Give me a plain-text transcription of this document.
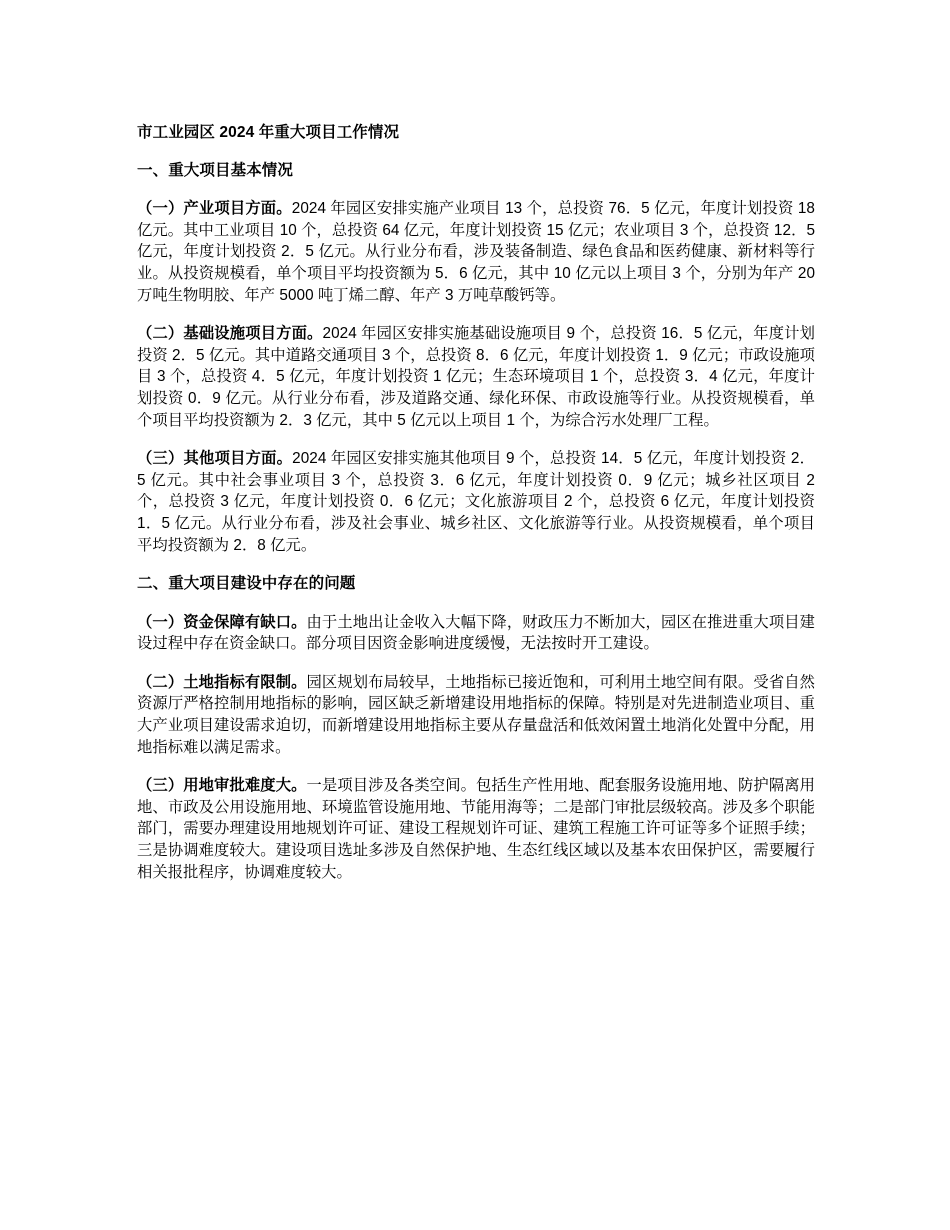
市工业园区 2024 年重大项目工作情况
一、重大项目基本情况

（一）产业项目方面。2024 年园区安排实施产业项目 13 个，总投资 76．5 亿元，年度计划投资 18 亿元。其中工业项目 10 个，总投资 64 亿元，年度计划投资 15 亿元；农业项目 3 个，总投资 12．5 亿元，年度计划投资 2．5 亿元。从行业分布看，涉及装备制造、绿色食品和医药健康、新材料等行业。从投资规模看，单个项目平均投资额为 5．6 亿元，其中 10 亿元以上项目 3 个，分别为年产 20 万吨生物明胶、年产 5000 吨丁烯二醇、年产 3 万吨草酸钙等。

（二）基础设施项目方面。2024 年园区安排实施基础设施项目 9 个，总投资 16．5 亿元，年度计划投资 2．5 亿元。其中道路交通项目 3 个，总投资 8．6 亿元，年度计划投资 1．9 亿元；市政设施项目 3 个，总投资 4．5 亿元，年度计划投资 1 亿元；生态环境项目 1 个，总投资 3．4 亿元，年度计划投资 0．9 亿元。从行业分布看，涉及道路交通、绿化环保、市政设施等行业。从投资规模看，单个项目平均投资额为 2．3 亿元，其中 5 亿元以上项目 1 个，为综合污水处理厂工程。

（三）其他项目方面。2024 年园区安排实施其他项目 9 个，总投资 14．5 亿元，年度计划投资 2．5 亿元。其中社会事业项目 3 个，总投资 3．6 亿元，年度计划投资 0．9 亿元；城乡社区项目 2 个，总投资 3 亿元，年度计划投资 0．6 亿元；文化旅游项目 2 个，总投资 6 亿元，年度计划投资 1．5 亿元。从行业分布看，涉及社会事业、城乡社区、文化旅游等行业。从投资规模看，单个项目平均投资额为 2．8 亿元。

二、重大项目建设中存在的问题

（一）资金保障有缺口。由于土地出让金收入大幅下降，财政压力不断加大，园区在推进重大项目建设过程中存在资金缺口。部分项目因资金影响进度缓慢，无法按时开工建设。

（二）土地指标有限制。园区规划布局较早，土地指标已接近饱和，可利用土地空间有限。受省自然资源厅严格控制用地指标的影响，园区缺乏新增建设用地指标的保障。特别是对先进制造业项目、重大产业项目建设需求迫切，而新增建设用地指标主要从存量盘活和低效闲置土地消化处置中分配，用地指标难以满足需求。

（三）用地审批难度大。一是项目涉及各类空间。包括生产性用地、配套服务设施用地、防护隔离用地、市政及公用设施用地、环境监管设施用地、节能用海等；二是部门审批层级较高。涉及多个职能部门，需要办理建设用地规划许可证、建设工程规划许可证、建筑工程施工许可证等多个证照手续；三是协调难度较大。建设项目选址多涉及自然保护地、生态红线区域以及基本农田保护区，需要履行相关报批程序，协调难度较大。
